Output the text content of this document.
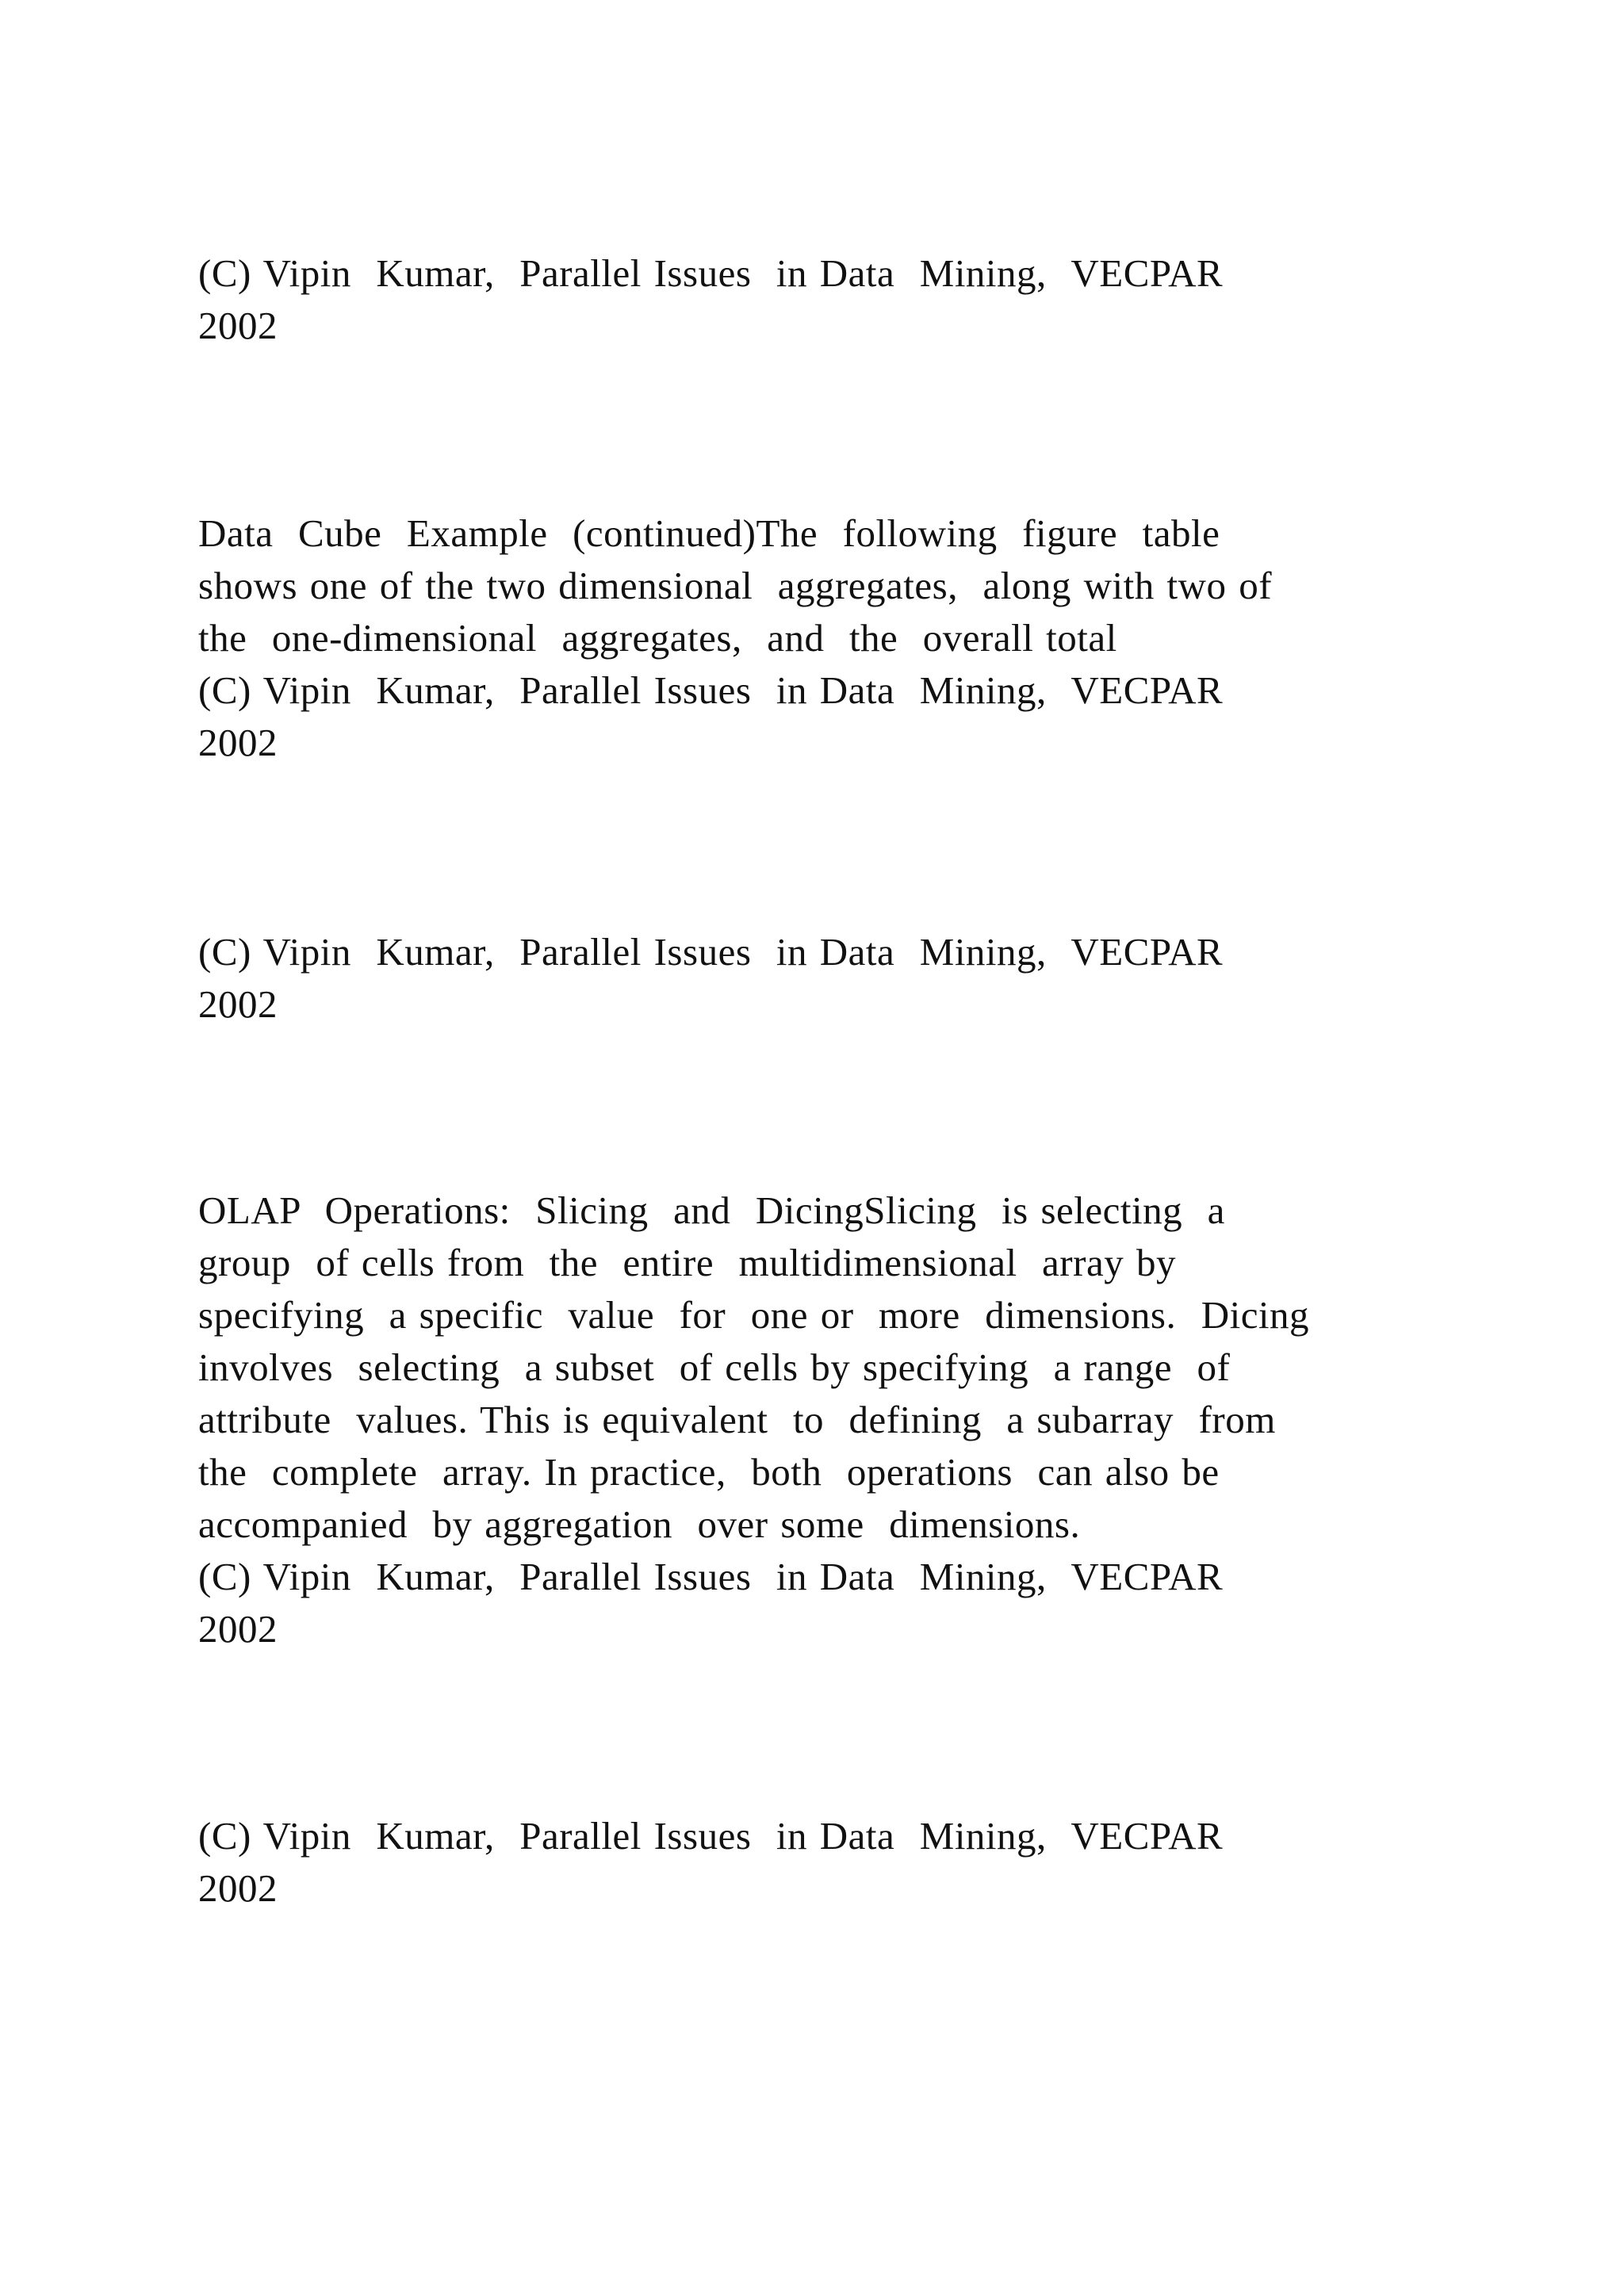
(C) Vipin  Kumar,  Parallel Issues  in Data  Mining,  VECPAR
2002

Data  Cube  Example  (continued)The  following  figure  table
shows one of the two dimensional  aggregates,  along with two of
the  one-dimensional  aggregates,  and  the  overall total
(C) Vipin  Kumar,  Parallel Issues  in Data  Mining,  VECPAR
2002

(C) Vipin  Kumar,  Parallel Issues  in Data  Mining,  VECPAR
2002

OLAP  Operations:  Slicing  and  DicingSlicing  is selecting  a
group  of cells from  the  entire  multidimensional  array by
specifying  a specific  value  for  one or  more  dimensions.  Dicing
involves  selecting  a subset  of cells by specifying  a range  of
attribute  values. This is equivalent  to  defining  a subarray  from
the  complete  array. In practice,  both  operations  can also be
accompanied  by aggregation  over some  dimensions.
(C) Vipin  Kumar,  Parallel Issues  in Data  Mining,  VECPAR
2002

(C) Vipin  Kumar,  Parallel Issues  in Data  Mining,  VECPAR
2002
